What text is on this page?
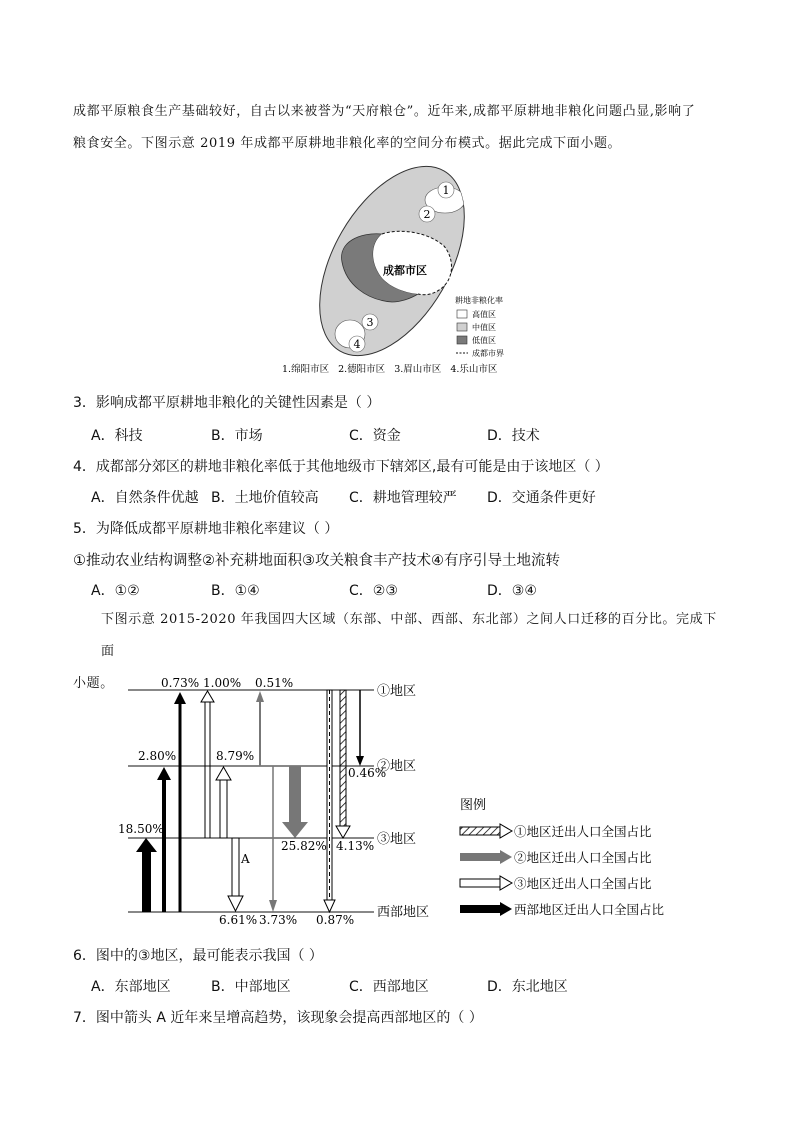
成都平原粮食生产基础较好，自古以来被誉为“天府粮仓”。近年来,成都平原耕地非粮化问题凸显,影响了
粮食安全。下图示意 2019 年成都平原耕地非粮化率的空间分布模式。据此完成下面小题。
1
2
3
4
成都市区
耕地非粮化率
高值区
中值区
低值区
成都市界
1.绵阳市区   2.德阳市区   3.眉山市区   4.乐山市区
3．影响成都平原耕地非粮化的关键性因素是（ ）
A．科技	B．市场	C．资金	D．技术
4．成都部分郊区的耕地非粮化率低于其他地级市下辖郊区,最有可能是由于该地区（ ）
A．自然条件优越 B．土地价值较高 C．耕地管理较严 D．交通条件更好
5．为降低成都平原耕地非粮化率建议（ ）
①推动农业结构调整②补充耕地面积③攻关粮食丰产技术④有序引导土地流转
A．①②	B．①④	C．②③	D．③④
下图示意 2015-2020 年我国四大区域（东部、中部、西部、东北部）之间人口迁移的百分比。完成下面
小题。
①地区
②地区
③地区
西部地区
A
0.73% 1.00% 0.51%
2.80%	8.79%
0.46%
18.50%
25.82% 4.13%
6.61% 3.73% 0.87%
图例
①地区迁出人口全国占比
②地区迁出人口全国占比
③地区迁出人口全国占比
西部地区迁出人口全国占比
6．图中的③地区，最可能表示我国（ ）
A．东部地区	B．中部地区	C．西部地区	D．东北地区
7．图中箭头 A 近年来呈增高趋势，该现象会提高西部地区的（ ）
